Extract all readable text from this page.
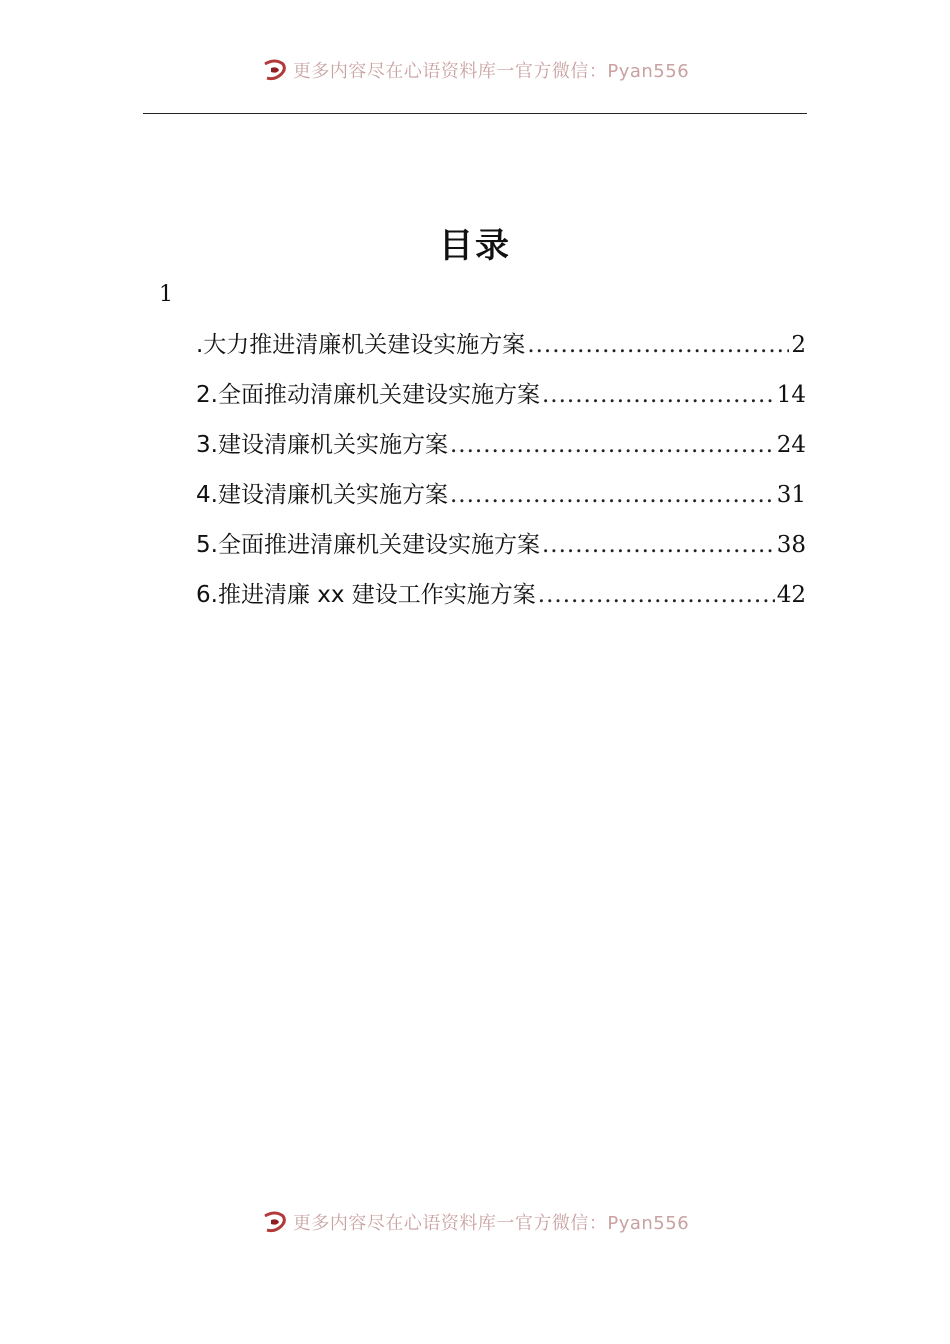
更多内容尽在心语资料库一官方微信：Pyan556
目录
1
.大力推进清廉机关建设实施方案 .....	2
2.全面推动清廉机关建设实施方案 .....	14
3.建设清廉机关实施方案 .....	24
4.建设清廉机关实施方案 .....	31
5.全面推进清廉机关建设实施方案 .....	38
6.推进清廉 xx 建设工作实施方案 .....	42
更多内容尽在心语资料库一官方微信：Pyan556
